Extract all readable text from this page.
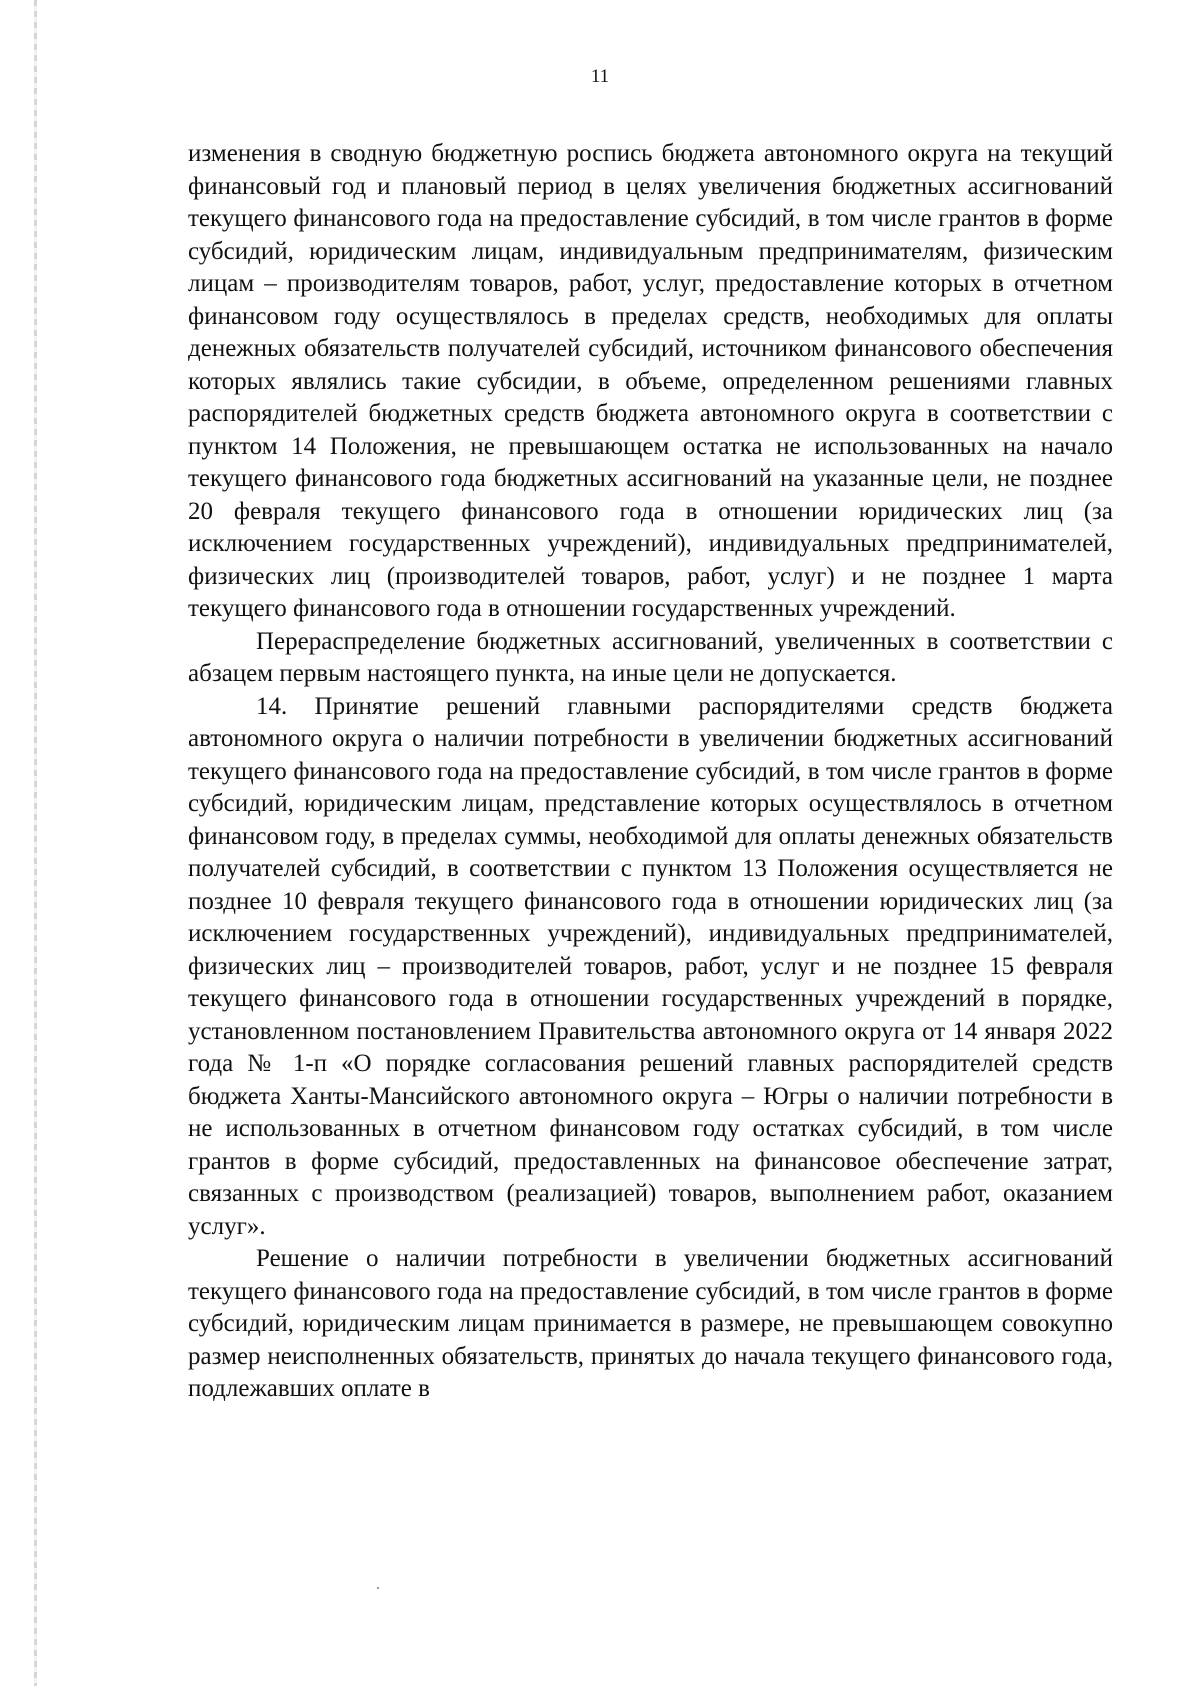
11

изменения в сводную бюджетную роспись бюджета автономного округа на текущий финансовый год и плановый период в целях увеличения бюджетных ассигнований текущего финансового года на предоставление субсидий, в том числе грантов в форме субсидий, юридическим лицам, индивидуальным предпринимателям, физическим лицам – производителям товаров, работ, услуг, предоставление которых в отчетном финансовом году осуществлялось в пределах средств, необходимых для оплаты денежных обязательств получателей субсидий, источником финансового обеспечения которых являлись такие субсидии, в объеме, определенном решениями главных распорядителей бюджетных средств бюджета автономного округа в соответствии с пунктом 14 Положения, не превышающем остатка не использованных на начало текущего финансового года бюджетных ассигнований на указанные цели, не позднее 20 февраля текущего финансового года в отношении юридических лиц (за исключением государственных учреждений), индивидуальных предпринимателей, физических лиц (производителей товаров, работ, услуг) и не позднее 1 марта текущего финансового года в отношении государственных учреждений.

Перераспределение бюджетных ассигнований, увеличенных в соответствии с абзацем первым настоящего пункта, на иные цели не допускается.

14. Принятие решений главными распорядителями средств бюджета автономного округа о наличии потребности в увеличении бюджетных ассигнований текущего финансового года на предоставление субсидий, в том числе грантов в форме субсидий, юридическим лицам, представление которых осуществлялось в отчетном финансовом году, в пределах суммы, необходимой для оплаты денежных обязательств получателей субсидий, в соответствии с пунктом 13 Положения осуществляется не позднее 10 февраля текущего финансового года в отношении юридических лиц (за исключением государственных учреждений), индивидуальных предпринимателей, физических лиц – производителей товаров, работ, услуг и не позднее 15 февраля текущего финансового года в отношении государственных учреждений в порядке, установленном постановлением Правительства автономного округа от 14 января 2022 года № 1-п «О порядке согласования решений главных распорядителей средств бюджета Ханты-Мансийского автономного округа – Югры о наличии потребности в не использованных в отчетном финансовом году остатках субсидий, в том числе грантов в форме субсидий, предоставленных на финансовое обеспечение затрат, связанных с производством (реализацией) товаров, выполнением работ, оказанием услуг».

Решение о наличии потребности в увеличении бюджетных ассигнований текущего финансового года на предоставление субсидий, в том числе грантов в форме субсидий, юридическим лицам принимается в размере, не превышающем совокупно размер неисполненных обязательств, принятых до начала текущего финансового года, подлежавших оплате в
